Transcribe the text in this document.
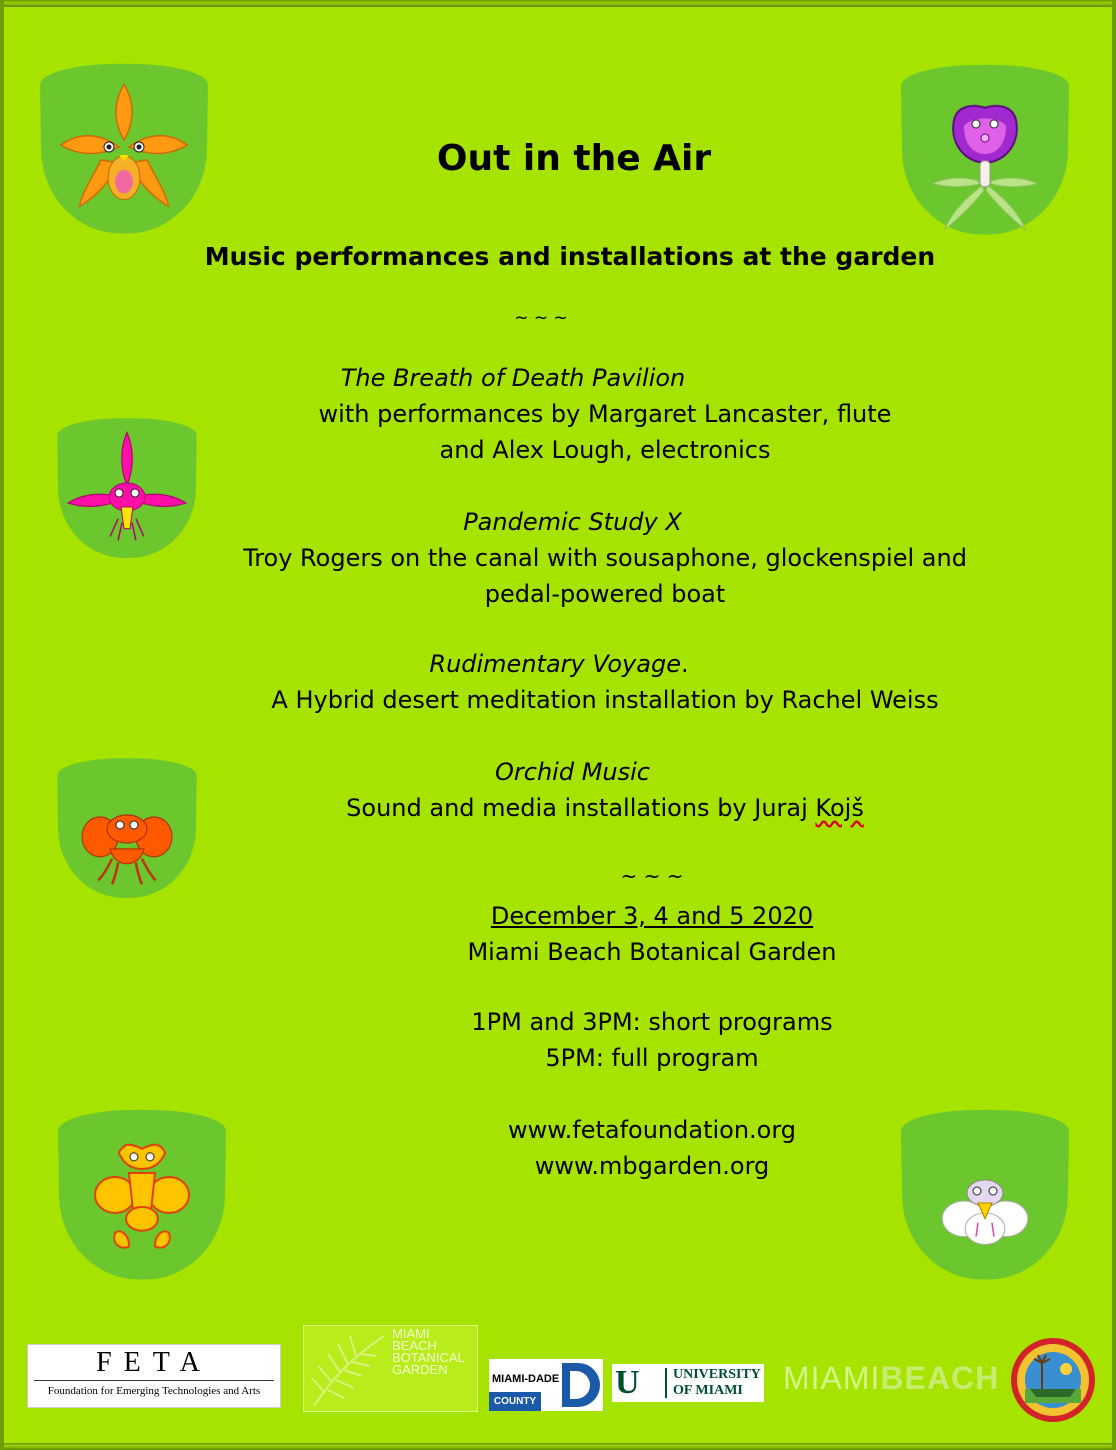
Out in the Air
Music performances and installations at the garden
~ ~ ~
The Breath of Death Pavilion
with performances by Margaret Lancaster, flute
and Alex Lough, electronics
Pandemic Study X
Troy Rogers on the canal with sousaphone, glockenspiel and
pedal-powered boat
Rudimentary Voyage.
A Hybrid desert meditation installation by Rachel Weiss
Orchid Music
Sound and media installations by Juraj Kojš
~ ~ ~
December 3, 4 and 5 2020
Miami Beach Botanical Garden
1PM and 3PM: short programs
5PM: full program
www.fetafoundation.org
www.mbgarden.org
FETA
Foundation for Emerging Technologies and Arts
MIAMI BEACH BOTANICAL GARDEN
MIAMI-DADE
COUNTY
U UNIVERSITY
OF MIAMI	MIAMIBEACH
